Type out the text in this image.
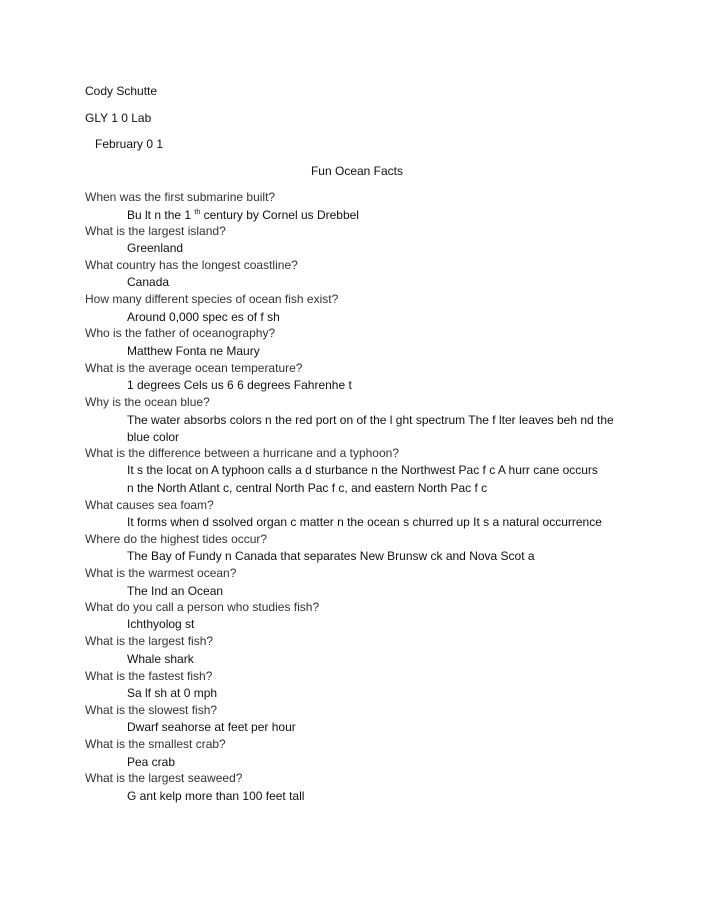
Cody Schutte
GLY 1 0 Lab
February 0 1
Fun Ocean Facts
When was the first submarine built?
Bu lt n the 1 $^{th}$ century by Cornel us Drebbel
What is the largest island?
Greenland
What country has the longest coastline?
Canada
How many different species of ocean fish exist?
Around 0,000 spec es of f sh
Who is the father of oceanography?
Matthew Fonta ne Maury
What is the average ocean temperature?
1 degrees Cels us 6 6 degrees Fahrenhe t
Why is the ocean blue?
The water absorbs colors n the red port on of the l ght spectrum The f lter leaves beh nd the blue color
What is the difference between a hurricane and a typhoon?
It s the locat on A typhoon calls a d sturbance n the Northwest Pac f c A hurr cane occurs
n the North Atlant c, central North Pac f c, and eastern North Pac f c
What causes sea foam?
It forms when d ssolved organ c matter n the ocean s churred up It s a natural occurrence
Where do the highest tides occur?
The Bay of Fundy n Canada that separates New Brunsw ck and Nova Scot a
What is the warmest ocean?
The Ind an Ocean
What do you call a person who studies fish?
Ichthyolog st
What is the largest fish?
Whale shark
What is the fastest fish?
Sa lf sh at 0 mph
What is the slowest fish?
Dwarf seahorse at feet per hour
What is the smallest crab?
Pea crab
What is the largest seaweed?
G ant kelp more than 100 feet tall
